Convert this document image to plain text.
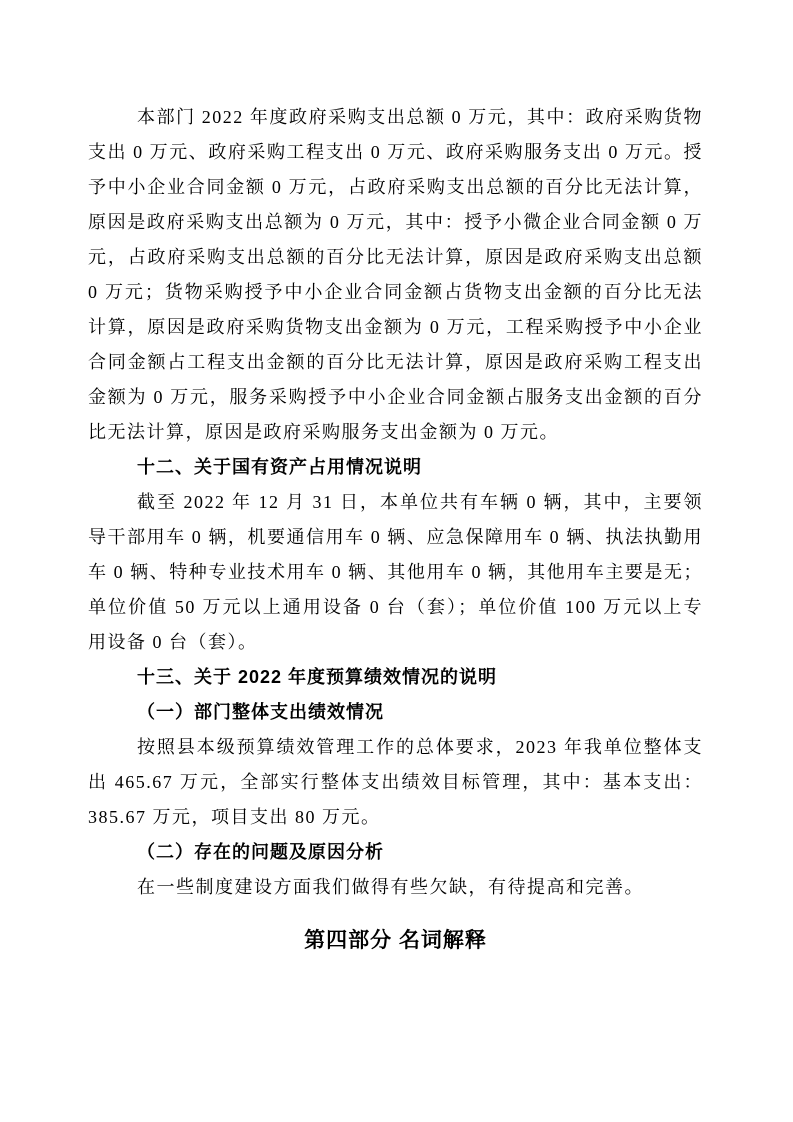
本部门 2022 年度政府采购支出总额 0 万元，其中：政府采购货物支出 0 万元、政府采购工程支出 0 万元、政府采购服务支出 0 万元。授予中小企业合同金额 0 万元，占政府采购支出总额的百分比无法计算，原因是政府采购支出总额为 0 万元，其中：授予小微企业合同金额 0 万元，占政府采购支出总额的百分比无法计算，原因是政府采购支出总额 0 万元；货物采购授予中小企业合同金额占货物支出金额的百分比无法计算，原因是政府采购货物支出金额为 0 万元，工程采购授予中小企业合同金额占工程支出金额的百分比无法计算，原因是政府采购工程支出金额为 0 万元，服务采购授予中小企业合同金额占服务支出金额的百分比无法计算，原因是政府采购服务支出金额为 0 万元。

十二、关于国有资产占用情况说明

截至 2022 年 12 月 31 日，本单位共有车辆 0 辆，其中，主要领导干部用车 0 辆，机要通信用车 0 辆、应急保障用车 0 辆、执法执勤用车 0 辆、特种专业技术用车 0 辆、其他用车 0 辆，其他用车主要是无；单位价值 50 万元以上通用设备 0 台（套）；单位价值 100 万元以上专用设备 0 台（套）。

十三、关于 2022 年度预算绩效情况的说明
（一）部门整体支出绩效情况

按照县本级预算绩效管理工作的总体要求，2023 年我单位整体支出 465.67 万元，全部实行整体支出绩效目标管理，其中：基本支出：385.67 万元，项目支出 80 万元。

（二）存在的问题及原因分析

在一些制度建设方面我们做得有些欠缺，有待提高和完善。

第四部分 名词解释
